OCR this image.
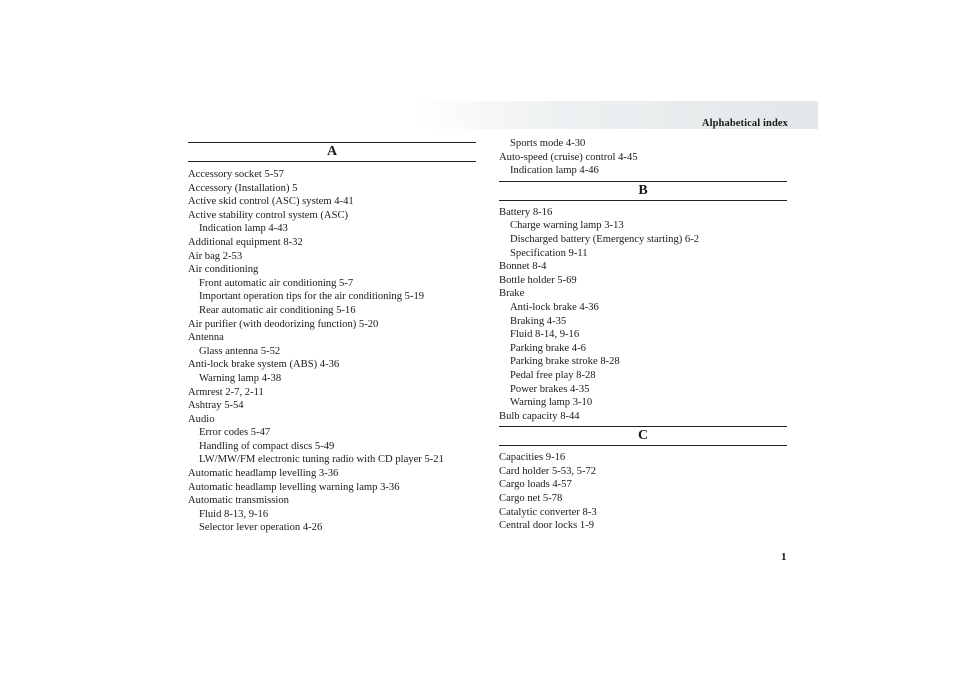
Alphabetical index
A
Accessory socket 5-57
Accessory (Installation) 5
Active skid control (ASC) system 4-41
Active stability control system (ASC)
Indication lamp 4-43
Additional equipment 8-32
Air bag 2-53
Air conditioning
Front automatic air conditioning 5-7
Important operation tips for the air conditioning 5-19
Rear automatic air conditioning 5-16
Air purifier (with deodorizing function) 5-20
Antenna
Glass antenna 5-52
Anti-lock brake system (ABS) 4-36
Warning lamp 4-38
Armrest 2-7, 2-11
Ashtray 5-54
Audio
Error codes 5-47
Handling of compact discs 5-49
LW/MW/FM electronic tuning radio with CD player 5-21
Automatic headlamp levelling 3-36
Automatic headlamp levelling warning lamp 3-36
Automatic transmission
Fluid 8-13, 9-16
Selector lever operation 4-26
Sports mode 4-30
Auto-speed (cruise) control 4-45
Indication lamp 4-46
B
Battery 8-16
Charge warning lamp 3-13
Discharged battery (Emergency starting) 6-2
Specification 9-11
Bonnet 8-4
Bottle holder 5-69
Brake
Anti-lock brake 4-36
Braking 4-35
Fluid 8-14, 9-16
Parking brake 4-6
Parking brake stroke 8-28
Pedal free play 8-28
Power brakes 4-35
Warning lamp 3-10
Bulb capacity 8-44
C
Capacities 9-16
Card holder 5-53, 5-72
Cargo loads 4-57
Cargo net 5-78
Catalytic converter 8-3
Central door locks 1-9
1
